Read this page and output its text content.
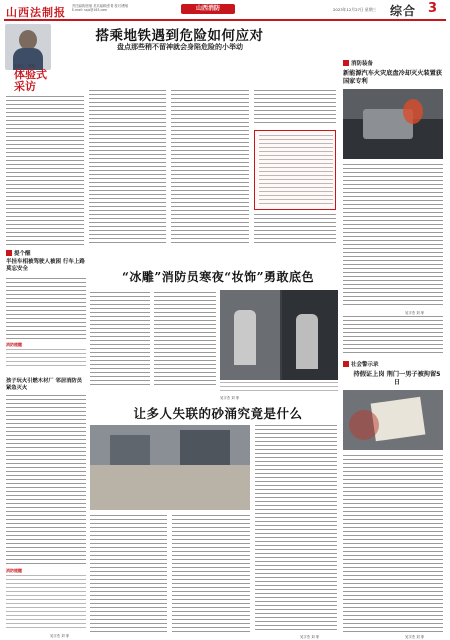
山西法制报 责任编辑/张敏 美术编辑/张菁 校对/曹敏
E-mail: sxjz@163.com	山西消防	2023年12月27日 星期三 综合 3
搭乘地铁遇到危险如何应对
盘点那些稍不留神就会身陷危险的小举动
主持人：蔡怡
体验式采访
消防装备
新能源汽车火灾底盘冷却灭火装置获国家专利
吴宇杰 刘 菲
提个醒
半挂车相被驾驶人被困 行车上路莫忘安全
消防提醒
“冰雕”消防员寒夜“妆饰”勇敢底色
社会警示录
持假证上岗 荆门一男子被拘留5日
吴宇杰 刘 菲
孩子玩火引燃木材厂 邻居消防员紧急灭火
消防提醒
吴宇杰 刘 菲
吴宇杰 刘 菲
让多人失联的砂涌究竟是什么
吴宇杰 刘 菲
